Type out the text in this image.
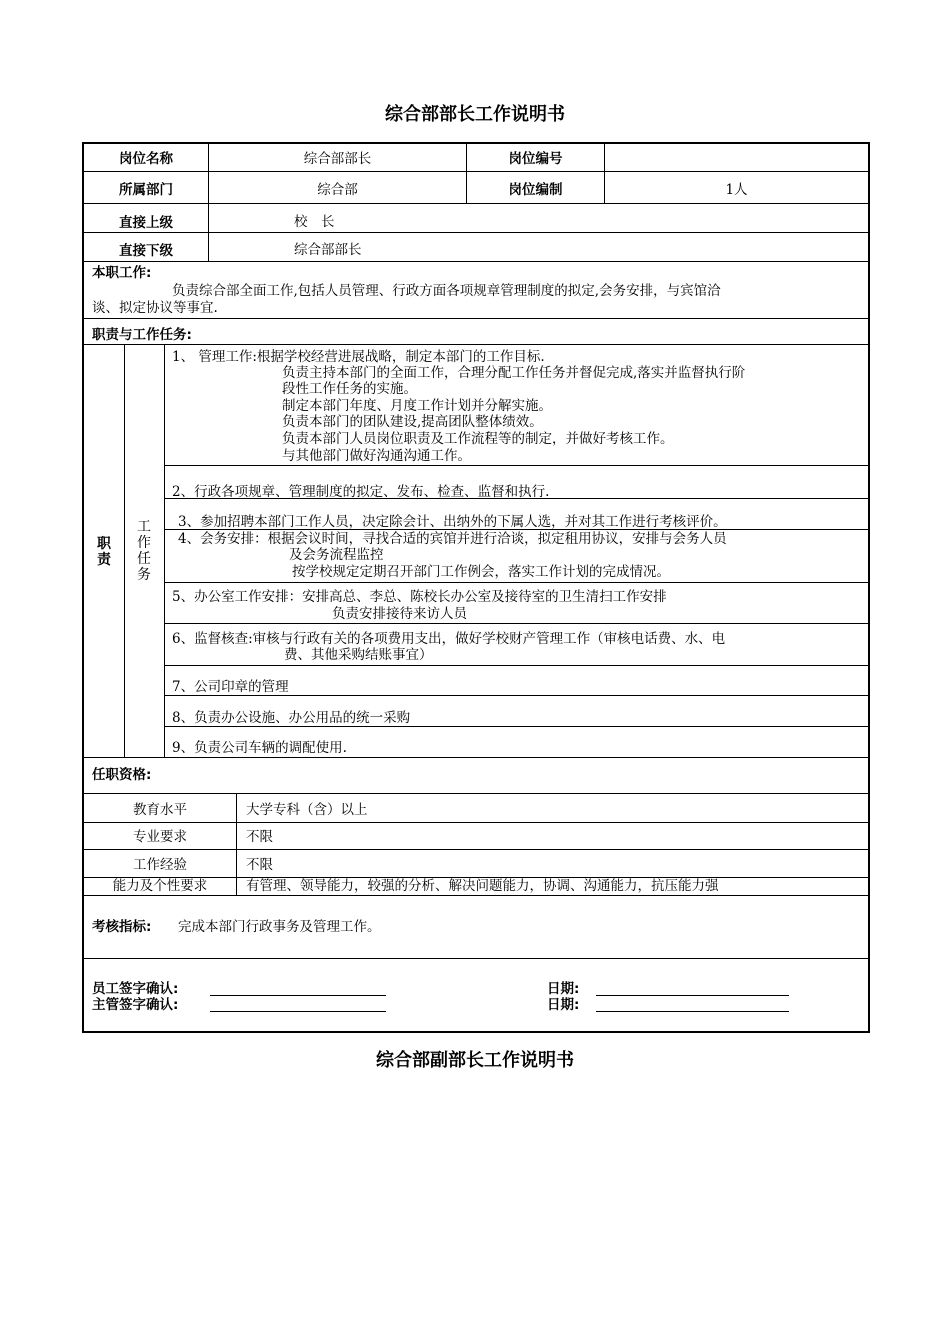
综合部部长工作说明书
岗位名称	综合部部长	岗位编号
所属部门	综合部	岗位编制	1人
直接上级	校　长
直接下级	综合部部长
本职工作:
负责综合部全面工作,包括人员管理、行政方面各项规章管理制度的拟定,会务安排，与宾馆洽
谈、拟定协议等事宜.
职责与工作任务:
职
责
工
作
任
务
1、 管理工作:根据学校经营进展战略，制定本部门的工作目标.
负责主持本部门的全面工作，合理分配工作任务并督促完成,落实并监督执行阶
段性工作任务的实施。
制定本部门年度、月度工作计划并分解实施。
负责本部门的团队建设,提高团队整体绩效。
负责本部门人员岗位职责及工作流程等的制定，并做好考核工作。
与其他部门做好沟通沟通工作。
2、行政各项规章、管理制度的拟定、发布、检查、监督和执行.
3、参加招聘本部门工作人员，决定除会计、出纳外的下属人选，并对其工作进行考核评价。
4、会务安排：根据会议时间，寻找合适的宾馆并进行洽谈，拟定租用协议，安排与会务人员
及会务流程监控
按学校规定定期召开部门工作例会，落实工作计划的完成情况。
5、办公室工作安排：安排高总、李总、陈校长办公室及接待室的卫生清扫工作安排
负责安排接待来访人员
6、监督核查:审核与行政有关的各项费用支出，做好学校财产管理工作（审核电话费、水、电
费、其他采购结账事宜）
7、公司印章的管理
8、负责办公设施、办公用品的统一采购
9、负责公司车辆的调配使用.
任职资格:
教育水平	大学专科（含）以上
专业要求	不限
工作经验	不限
能力及个性要求	有管理、领导能力，较强的分析、解决问题能力，协调、沟通能力，抗压能力强
考核指标: 完成本部门行政事务及管理工作。
员工签字确认:
主管签字确认:
日期:
日期:
综合部副部长工作说明书
